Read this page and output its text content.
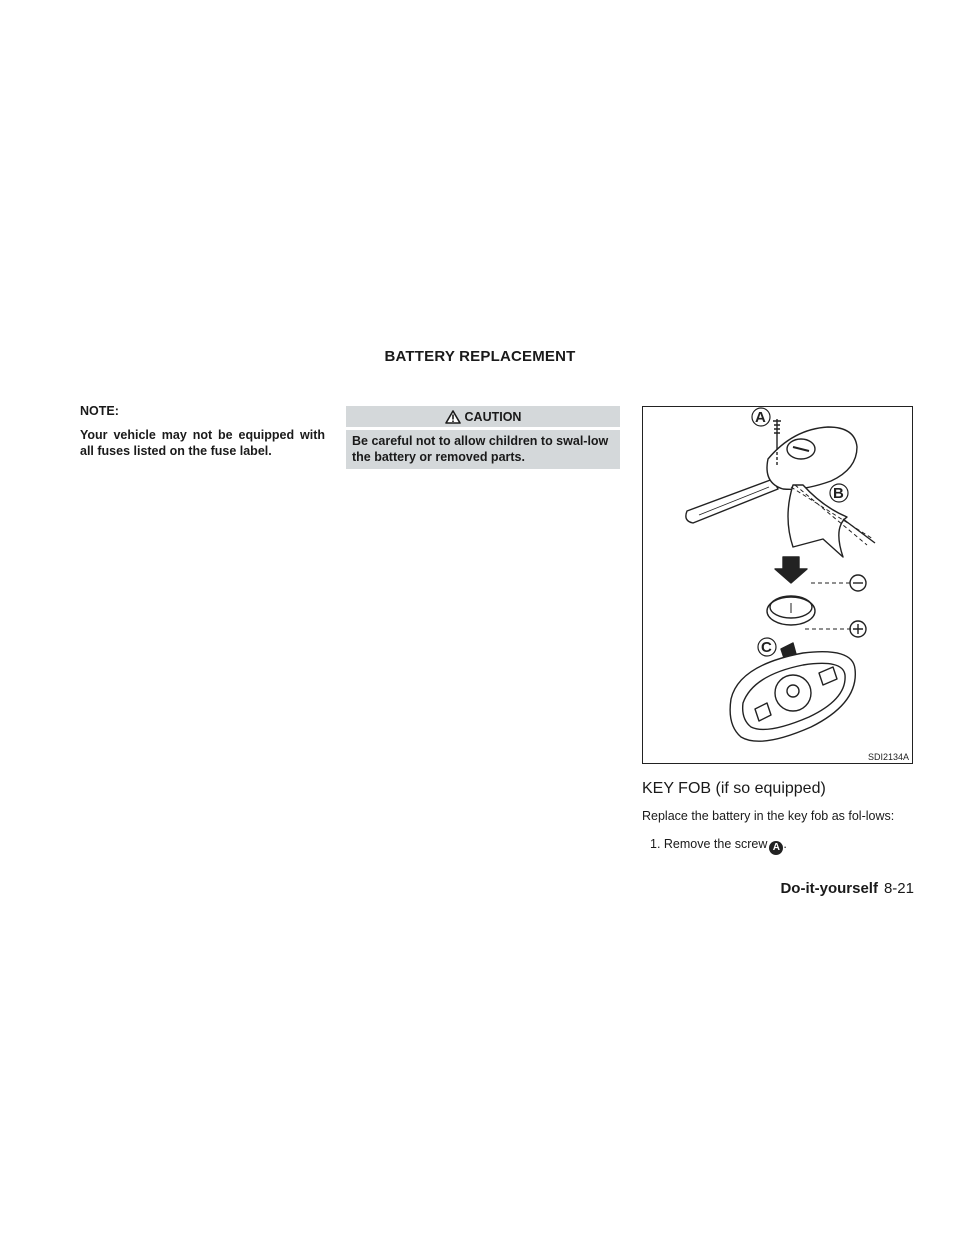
BATTERY REPLACEMENT
NOTE:
Your vehicle may not be equipped with all fuses listed on the fuse label.
CAUTION
Be careful not to allow children to swal-low the battery or removed parts.
A
B
C
SDI2134A
KEY FOB (if so equipped)
Replace the battery in the key fob as fol-lows:
1. Remove the screw A .
Do-it-yourself 8-21
